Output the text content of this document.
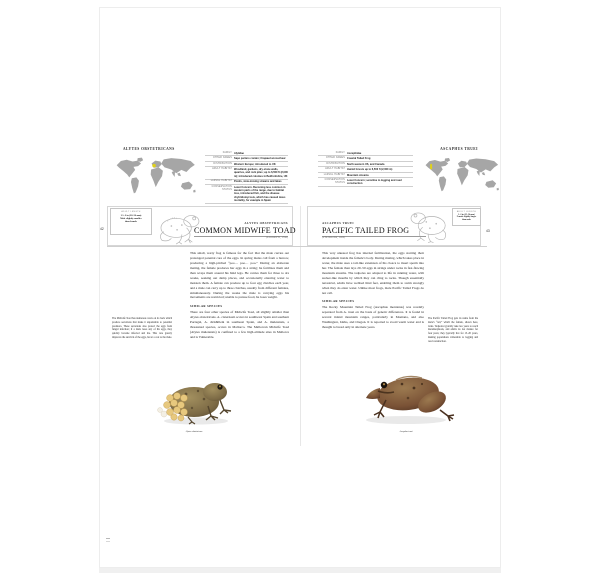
ALYTES OBSTETRICANS	ASCAPHUS TRUEI
FAMILY Alytidae
OTHER NAMES Sapo partero común; Crapaud accoucheur
DISTRIBUTION Western Europe; introduced to UK
ADULT HABITAT Woodland, gardens, dry-stone walls, quarries, and rock piles; up to 6,500 ft (2,000 m); introduced colonies in Bedfordshire, UK
LARVAL HABITAT Ponds, slow-moving streams and lakes
CONSERVATION STATUS
Least Concern. Becoming less common in western parts of the range, due to habitat loss, introduced fish, and the disease chytridiomycosis, which has caused mass mortality, for example in Spain
FAMILY Ascaphidae
OTHER NAMES Coastal Tailed Frog
DISTRIBUTION North-western US, and Canada
ADULT HABITAT Humid forests up to 6,500 ft (2,000 m)
LARVAL HABITAT Mountain streams
CONSERVATION STATUS
Least Concern; sensitive to logging and road construction
ADULT LENGTH
1½–2 in (38–50 mm)
Male slightly smaller
than female
ADULT LENGTH
1–2 in (25–50 mm)
Female slightly larger
than male
ALYTES OBSTETRICANS
COMMON MIDWIFE TOAD
(LAURENTI, 1768)
ASCAPHUS TRUEI
PACIFIC TAILED FROG
(STEJNEGER, 1899)
42	43

This small, warty frog is famous for the fact that the male carries out prolonged parental care of the eggs. In spring males call from a burrow, producing a high-pitched “poo… poo… poo.” During an elaborate mating, the female produces her eggs in a string; he fertilizes them and then wraps them around his hind legs. He carries them for three to six weeks, seeking out damp places, and occasionally entering water to moisten them. A female can produce up to four egg clutches each year, and a male can carry up to three clutches, usually from different females, simultaneously. During the weeks the male is carrying eggs his movements are restricted; unable to pursue food, he loses weight.

SIMILAR SPECIES

There are four other species of Midwife Toad, all slightly smaller than Alytes obstetricans. A. cisternasii occurs in southwest Spain and southern Portugal, A. dickhilleni in southeast Spain, and A. muletensis, a threatened species, occurs in Mallorca. The Mallorcan Midwife Toad (Alytes muletensis) is confined to a few high-altitude sites in Mallorca and is Vulnerable.

This very unusual frog has internal fertilization, the eggs starting their development inside the female’s body. During mating, which takes place in water, the male uses a tail-like extension of his cloaca to insert sperm into her. The female then lays 20–50 eggs in strings under rocks in fast-flowing mountain streams. The tadpoles are adapted to life in running water, with sucker-like mouths by which they can cling to rocks. Though essentially terrestrial, adults have webbed hind feet, enabling them to swim strongly when they do enter water. Unlike most frogs, male Pacific Tailed Frogs do not call.

SIMILAR SPECIES

The Rocky Mountain Tailed Frog (Ascaphus montanus) was recently separated from A. truei on the basis of genetic differences. It is found in several inland mountain ranges, particularly in Montana, and also Washington, Idaho, and Oregon. It is reported to avoid warm water and is thought to breed only in alternate years.

The Midwife Toad has numerous warts on its back which produce secretions that make it unpalatable to potential predators. These secretions also protect the eggs from fungal infection; if a male loses any of his eggs, they quickly become infected and die. This care greatly improves the survival of the eggs, but at a cost to the male.
The Pacific Tailed Frog gets its name from the male’s “tail,” which the female, shown here, lacks. Tadpoles typically take two years to reach metamorphosis, and adults do not mature for four years; they typically live for 15–20 years, making populations vulnerable to logging and road construction.
Alytes obstetricans	Ascaphus truei
